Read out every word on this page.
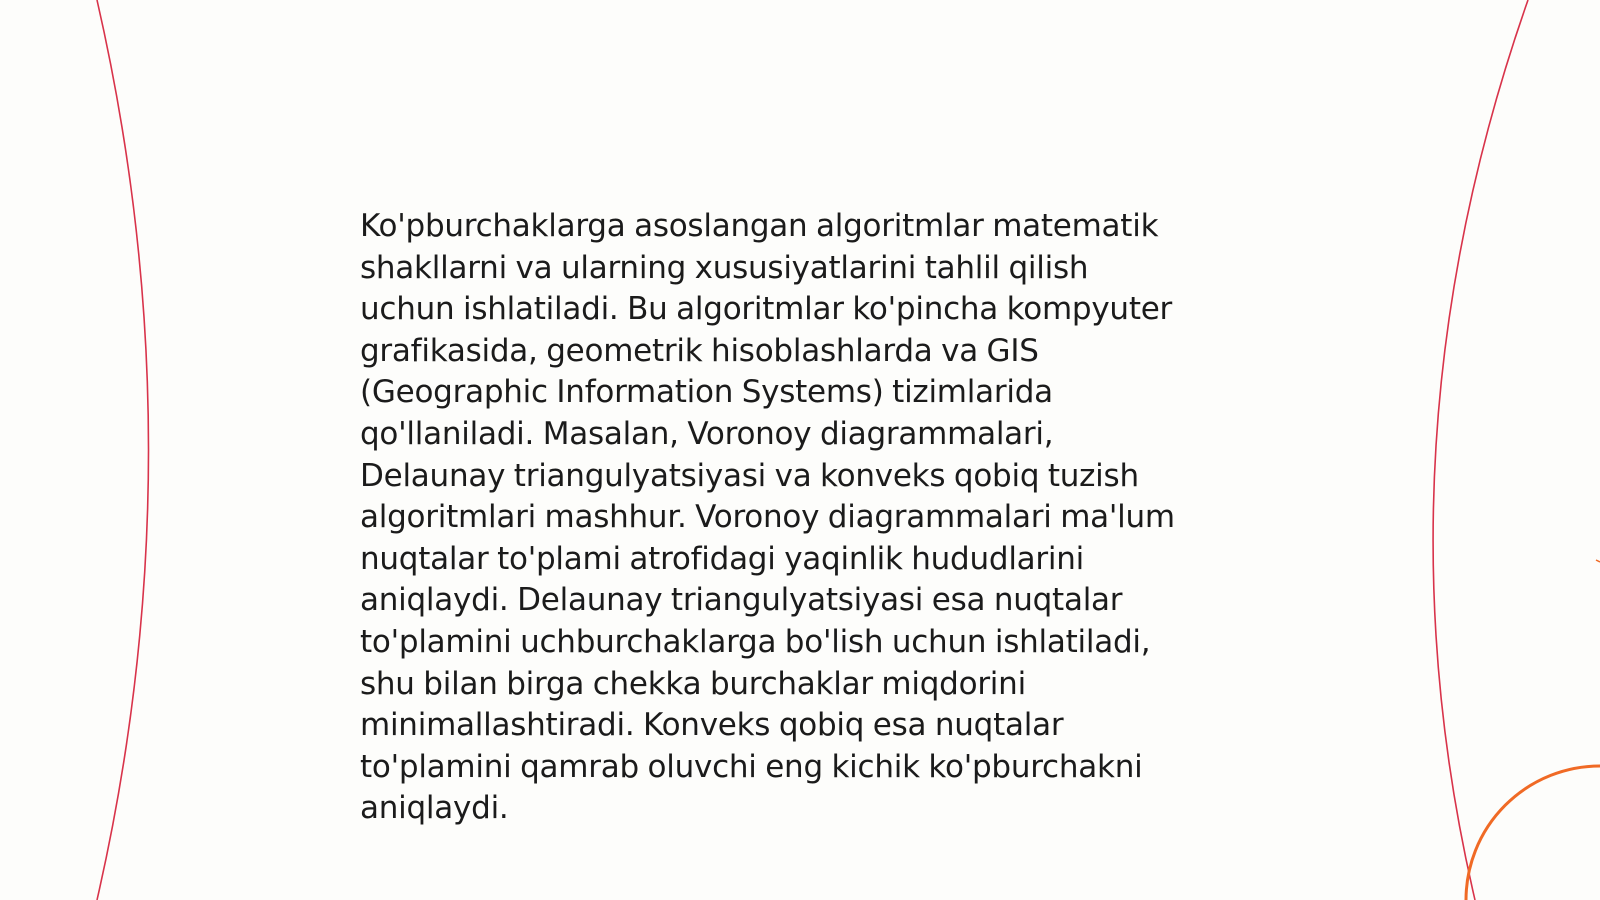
Ko'pburchaklarga asoslangan algoritmlar matematik
shakllarni va ularning xususiyatlarini tahlil qilish
uchun ishlatiladi. Bu algoritmlar ko'pincha kompyuter
grafikasida, geometrik hisoblashlarda va GIS
(Geographic Information Systems) tizimlarida
qo'llaniladi. Masalan, Voronoy diagrammalari,
Delaunay triangulyatsiyasi va konveks qobiq tuzish
algoritmlari mashhur. Voronoy diagrammalari ma'lum
nuqtalar to'plami atrofidagi yaqinlik hududlarini
aniqlaydi. Delaunay triangulyatsiyasi esa nuqtalar
to'plamini uchburchaklarga bo'lish uchun ishlatiladi,
shu bilan birga chekka burchaklar miqdorini
minimallashtiradi. Konveks qobiq esa nuqtalar
to'plamini qamrab oluvchi eng kichik ko'pburchakni
aniqlaydi.
